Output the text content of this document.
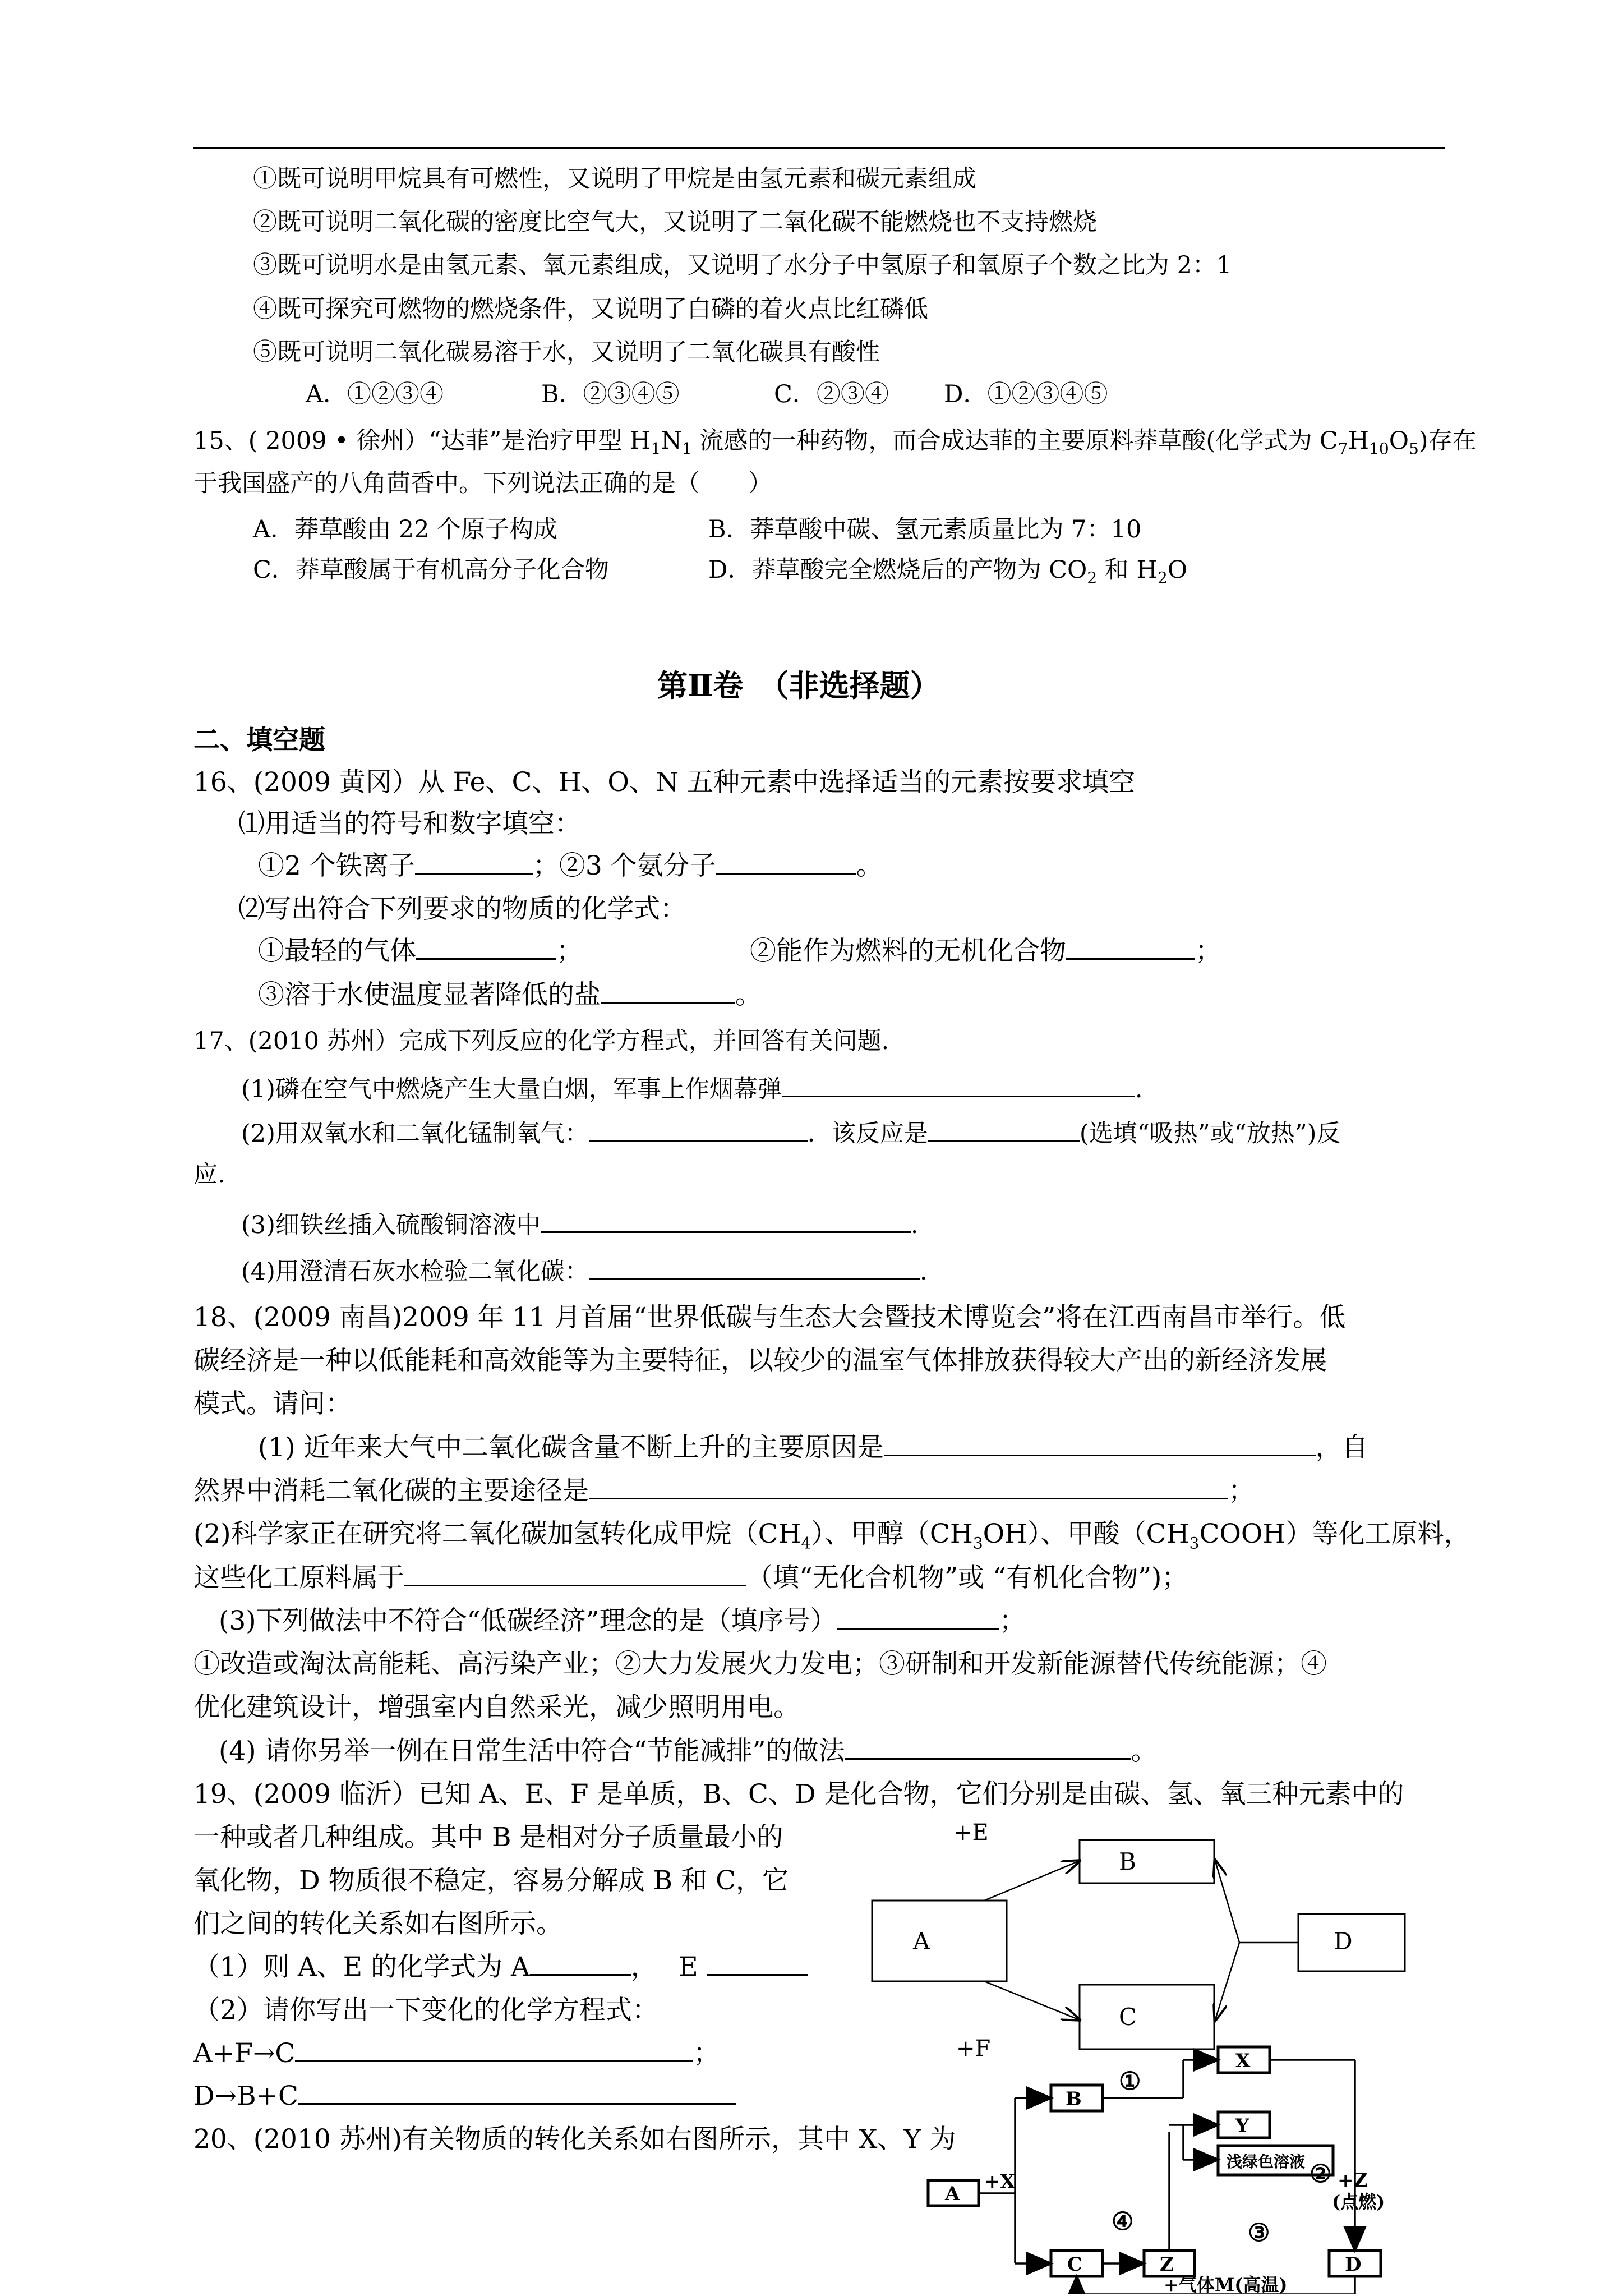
①既可说明甲烷具有可燃性，又说明了甲烷是由氢元素和碳元素组成
②既可说明二氧化碳的密度比空气大，又说明了二氧化碳不能燃烧也不支持燃烧
③既可说明水是由氢元素、氧元素组成，又说明了水分子中氢原子和氧原子个数之比为 2：1
④既可探究可燃物的燃烧条件，又说明了白磷的着火点比红磷低
⑤既可说明二氧化碳易溶于水，又说明了二氧化碳具有酸性
A．①②③④	B．②③④⑤	C．②③④ D．①②③④⑤
15、( 2009 • 徐州）“达菲”是治疗甲型 $H_1N_1$ 流感的一种药物，而合成达菲的主要原料莽草酸(化学式为 $C_7H_{10}O_5$)存在
于我国盛产的八角茴香中。下列说法正确的是（　　）
A．莽草酸由 22 个原子构成	B．莽草酸中碳、氢元素质量比为 7：10
C．莽草酸属于有机高分子化合物	D．莽草酸完全燃烧后的产物为 $CO_2$ 和 $H_2O$
第Ⅱ卷　（非选择题）
二、填空题
16、(2009 黄冈）从 Fe、C、H、O、N 五种元素中选择适当的元素按要求填空
⑴用适当的符号和数字填空：
①2 个铁离子	；②3 个氨分子	。
⑵写出符合下列要求的物质的化学式：
①最轻的气体	；	②能作为燃料的无机化合物	；
③溶于水使温度显著降低的盐	。
17、(2010 苏州）完成下列反应的化学方程式，并回答有关问题.
(1)磷在空气中燃烧产生大量白烟，军事上作烟幕弹	.
(2)用双氧水和二氧化锰制氧气：	．该反应是	(选填“吸热”或“放热”)反
应.
(3)细铁丝插入硫酸铜溶液中	.
(4)用澄清石灰水检验二氧化碳：	.
18、(2009 南昌)2009 年 11 月首届“世界低碳与生态大会暨技术博览会”将在江西南昌市举行。低
碳经济是一种以低能耗和高效能等为主要特征，以较少的温室气体排放获得较大产出的新经济发展
模式。请问：
(1) 近年来大气中二氧化碳含量不断上升的主要原因是	，自
然界中消耗二氧化碳的主要途径是	；
(2)科学家正在研究将二氧化碳加氢转化成甲烷$(CH_4)$、甲醇$(CH_3OH)$、甲酸$(CH_3COOH)$等化工原料，
这些化工原料属于	（填“无化合机物”或 “有机化合物”)；
(3)下列做法中不符合“低碳经济”理念的是（填序号）	；
①改造或淘汰高能耗、高污染产业；②大力发展火力发电；③研制和开发新能源替代传统能源；④
优化建筑设计，增强室内自然采光，减少照明用电。
(4) 请你另举一例在日常生活中符合“节能减排”的做法	。
19、(2009 临沂）已知 A、E、F 是单质，B、C、D 是化合物，它们分别是由碳、氢、氧三种元素中的
一种或者几种组成。其中 B 是相对分子质量最小的
氧化物，D 物质很不稳定，容易分解成 B 和 C，它
们之间的转化关系如右图所示。
（1）则 A、E 的化学式为 A	，　 E
（2）请你写出一下变化的化学方程式：
A+F→C	；
D→B+C
A
B
C
D
+E
+F
20、(2010 苏州)有关物质的转化关系如右图所示，其中 X、Y 为
A
B
C
X
Y
Z	D
+X
浅绿色溶液
①
②
③
④
+Z
(点燃)
+气体M(高温)
